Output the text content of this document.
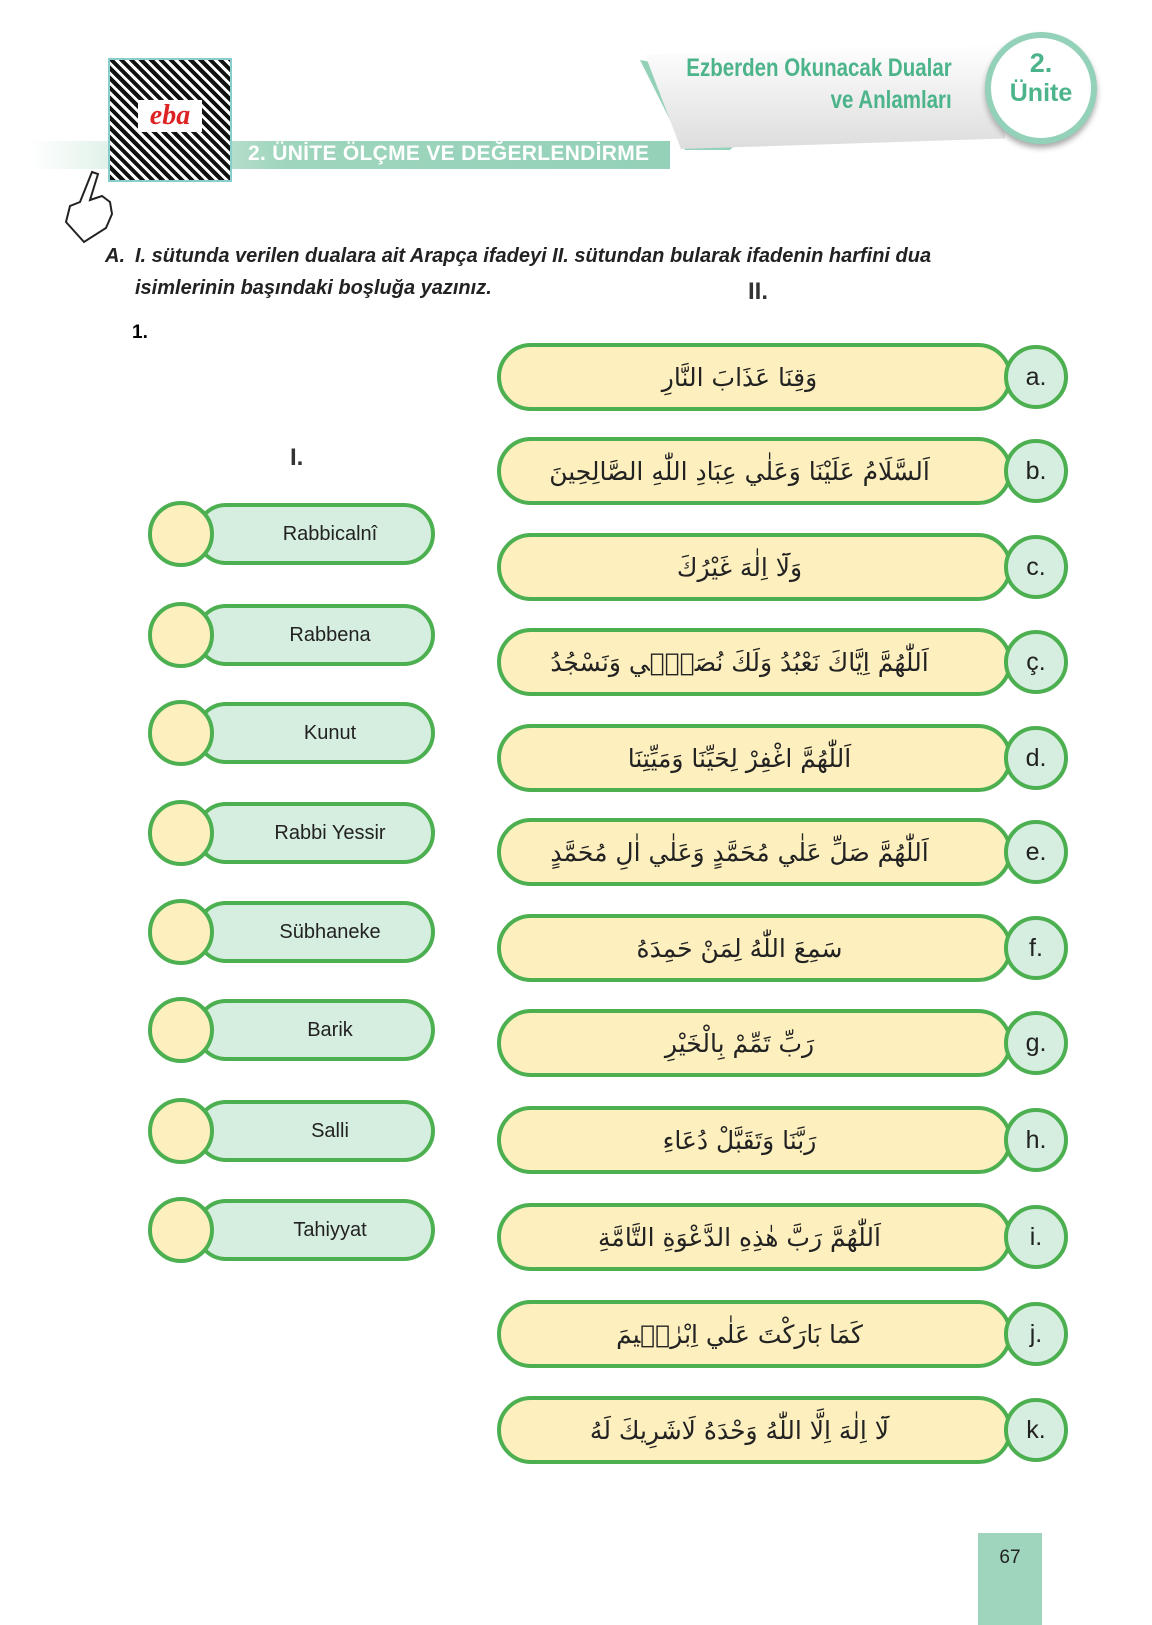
2. ÜNİTE ÖLÇME VE DEĞERLENDİRME
eba
Ezberden Okunacak Dualar
ve Anlamları
2.
Ünite
A. I. sütunda verilen dualara ait Arapça ifadeyi II. sütundan bularak ifadenin harfini dua isimlerinin başındaki boşluğa yazınız.	II.
1.
I.
Rabbicalnî
Rabbena
Kunut
Rabbi Yessir
Sübhaneke
Barik
Salli
Tahiyyat
وَقِنَا عَذَابَ النَّارِ	a.
اَلسَّلَامُ عَلَيْنَا وَعَلٰي عِبَادِ اللّٰهِ الصَّالِحِينَ	b.
وَلَٓا اِلٰهَ غَيْرُكَ	c.
اَللّٰهُمَّ اِيَّاكَ نَعْبُدُ وَلَكَ نُصَلّٖي وَنَسْجُدُ	ç.
اَللّٰهُمَّ اغْفِرْ لِحَيِّنَا وَمَيِّتِنَا	d.
اَللّٰهُمَّ صَلِّ عَلٰي مُحَمَّدٍ وَعَلٰي اٰلِ مُحَمَّدٍ	e.
سَمِعَ اللّٰهُ لِمَنْ حَمِدَهُ	f.
رَبِّ تَمِّمْ بِالْخَيْرِ	g.
رَبَّنَا وَتَقَبَّلْ دُعَاءِ	h.
اَللّٰهُمَّ رَبَّ هٰذِهِ الدَّعْوَةِ التَّامَّةِ	i.
كَمَا بَارَكْتَ عَلٰي اِبْرٰهٖيمَ	j.
لَٓا اِلٰهَ اِلَّا اللّٰهُ وَحْدَهُ لَاشَرِيكَ لَهُ	k.
67
